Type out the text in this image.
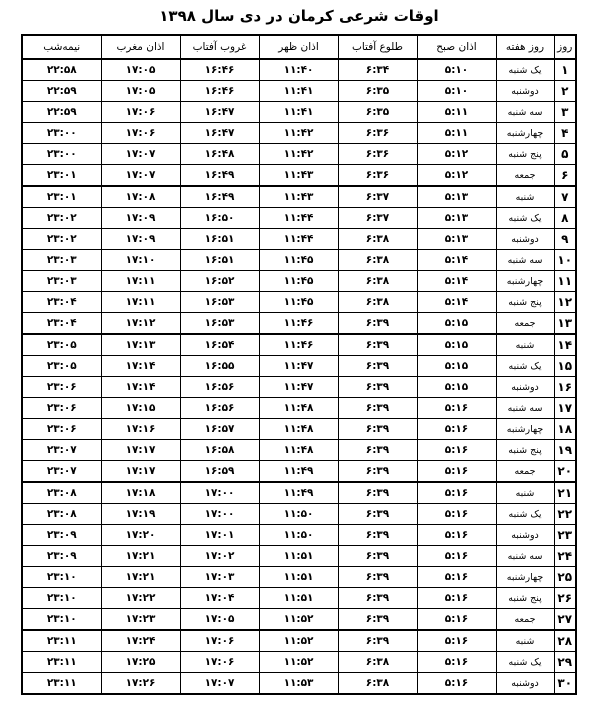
اوقات شرعی کرمان در دی سال ۱۳۹۸
روز	روز هفته	اذان صبح	طلوع آفتاب	اذان ظهر	غروب آفتاب	اذان مغرب	نیمه‌شب
۱	یک شنبه	۵:۱۰	۶:۳۴	۱۱:۴۰	۱۶:۴۶	۱۷:۰۵	۲۲:۵۸
۲	دوشنبه	۵:۱۰	۶:۳۵	۱۱:۴۱	۱۶:۴۶	۱۷:۰۵	۲۲:۵۹
۳	سه شنبه	۵:۱۱	۶:۳۵	۱۱:۴۱	۱۶:۴۷	۱۷:۰۶	۲۲:۵۹
۴	چهارشنبه	۵:۱۱	۶:۳۶	۱۱:۴۲	۱۶:۴۷	۱۷:۰۶	۲۳:۰۰
۵	پنج شنبه	۵:۱۲	۶:۳۶	۱۱:۴۲	۱۶:۴۸	۱۷:۰۷	۲۳:۰۰
۶	جمعه	۵:۱۲	۶:۳۶	۱۱:۴۳	۱۶:۴۹	۱۷:۰۷	۲۳:۰۱
۷	شنبه	۵:۱۳	۶:۳۷	۱۱:۴۳	۱۶:۴۹	۱۷:۰۸	۲۳:۰۱
۸	یک شنبه	۵:۱۳	۶:۳۷	۱۱:۴۴	۱۶:۵۰	۱۷:۰۹	۲۳:۰۲
۹	دوشنبه	۵:۱۳	۶:۳۸	۱۱:۴۴	۱۶:۵۱	۱۷:۰۹	۲۳:۰۲
۱۰	سه شنبه	۵:۱۴	۶:۳۸	۱۱:۴۵	۱۶:۵۱	۱۷:۱۰	۲۳:۰۳
۱۱	چهارشنبه	۵:۱۴	۶:۳۸	۱۱:۴۵	۱۶:۵۲	۱۷:۱۱	۲۳:۰۳
۱۲	پنج شنبه	۵:۱۴	۶:۳۸	۱۱:۴۵	۱۶:۵۳	۱۷:۱۱	۲۳:۰۴
۱۳	جمعه	۵:۱۵	۶:۳۹	۱۱:۴۶	۱۶:۵۳	۱۷:۱۲	۲۳:۰۴
۱۴	شنبه	۵:۱۵	۶:۳۹	۱۱:۴۶	۱۶:۵۴	۱۷:۱۳	۲۳:۰۵
۱۵	یک شنبه	۵:۱۵	۶:۳۹	۱۱:۴۷	۱۶:۵۵	۱۷:۱۴	۲۳:۰۵
۱۶	دوشنبه	۵:۱۵	۶:۳۹	۱۱:۴۷	۱۶:۵۶	۱۷:۱۴	۲۳:۰۶
۱۷	سه شنبه	۵:۱۶	۶:۳۹	۱۱:۴۸	۱۶:۵۶	۱۷:۱۵	۲۳:۰۶
۱۸	چهارشنبه	۵:۱۶	۶:۳۹	۱۱:۴۸	۱۶:۵۷	۱۷:۱۶	۲۳:۰۶
۱۹	پنج شنبه	۵:۱۶	۶:۳۹	۱۱:۴۸	۱۶:۵۸	۱۷:۱۷	۲۳:۰۷
۲۰	جمعه	۵:۱۶	۶:۳۹	۱۱:۴۹	۱۶:۵۹	۱۷:۱۷	۲۳:۰۷
۲۱	شنبه	۵:۱۶	۶:۳۹	۱۱:۴۹	۱۷:۰۰	۱۷:۱۸	۲۳:۰۸
۲۲	یک شنبه	۵:۱۶	۶:۳۹	۱۱:۵۰	۱۷:۰۰	۱۷:۱۹	۲۳:۰۸
۲۳	دوشنبه	۵:۱۶	۶:۳۹	۱۱:۵۰	۱۷:۰۱	۱۷:۲۰	۲۳:۰۹
۲۴	سه شنبه	۵:۱۶	۶:۳۹	۱۱:۵۱	۱۷:۰۲	۱۷:۲۱	۲۳:۰۹
۲۵	چهارشنبه	۵:۱۶	۶:۳۹	۱۱:۵۱	۱۷:۰۳	۱۷:۲۱	۲۳:۱۰
۲۶	پنج شنبه	۵:۱۶	۶:۳۹	۱۱:۵۱	۱۷:۰۴	۱۷:۲۲	۲۳:۱۰
۲۷	جمعه	۵:۱۶	۶:۳۹	۱۱:۵۲	۱۷:۰۵	۱۷:۲۳	۲۳:۱۰
۲۸	شنبه	۵:۱۶	۶:۳۹	۱۱:۵۲	۱۷:۰۶	۱۷:۲۴	۲۳:۱۱
۲۹	یک شنبه	۵:۱۶	۶:۳۸	۱۱:۵۲	۱۷:۰۶	۱۷:۲۵	۲۳:۱۱
۳۰	دوشنبه	۵:۱۶	۶:۳۸	۱۱:۵۳	۱۷:۰۷	۱۷:۲۶	۲۳:۱۱
